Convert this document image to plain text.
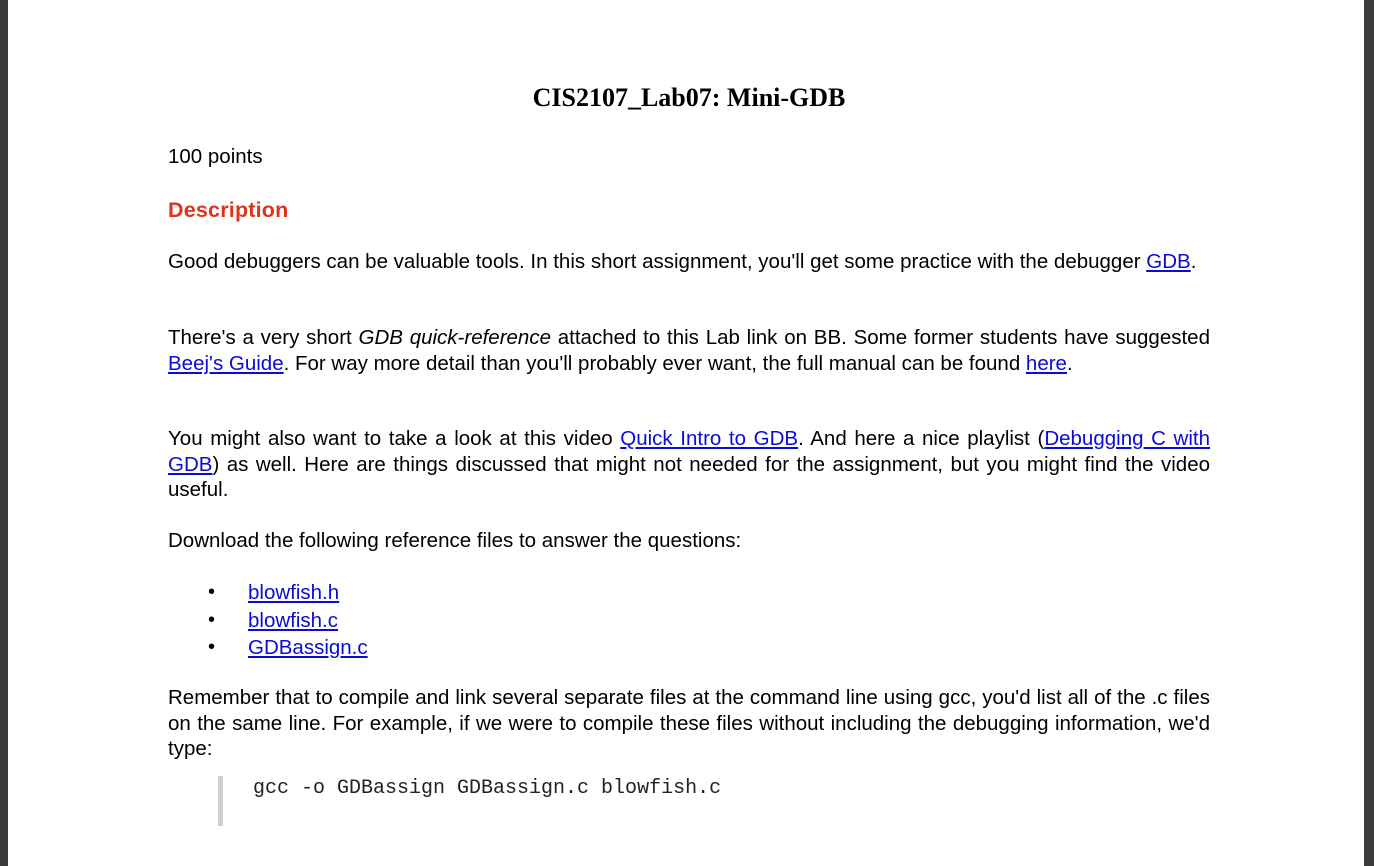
CIS2107_Lab07: Mini-GDB
100 points
Description

Good debuggers can be valuable tools. In this short assignment, you'll get some practice with the debugger GDB.

There's a very short GDB quick-reference attached to this Lab link on BB. Some former students have suggested Beej's Guide. For way more detail than you'll probably ever want, the full manual can be found here.

You might also want to take a look at this video Quick Intro to GDB. And here a nice playlist (Debugging C with GDB) as well. Here are things discussed that might not needed for the assignment, but you might find the video useful.

Download the following reference files to answer the questions:

• blowfish.h
• blowfish.c
• GDBassign.c

Remember that to compile and link several separate files at the command line using gcc, you'd list all of the .c files on the same line. For example, if we were to compile these files without including the debugging information, we'd type:

gcc -o GDBassign GDBassign.c blowfish.c
